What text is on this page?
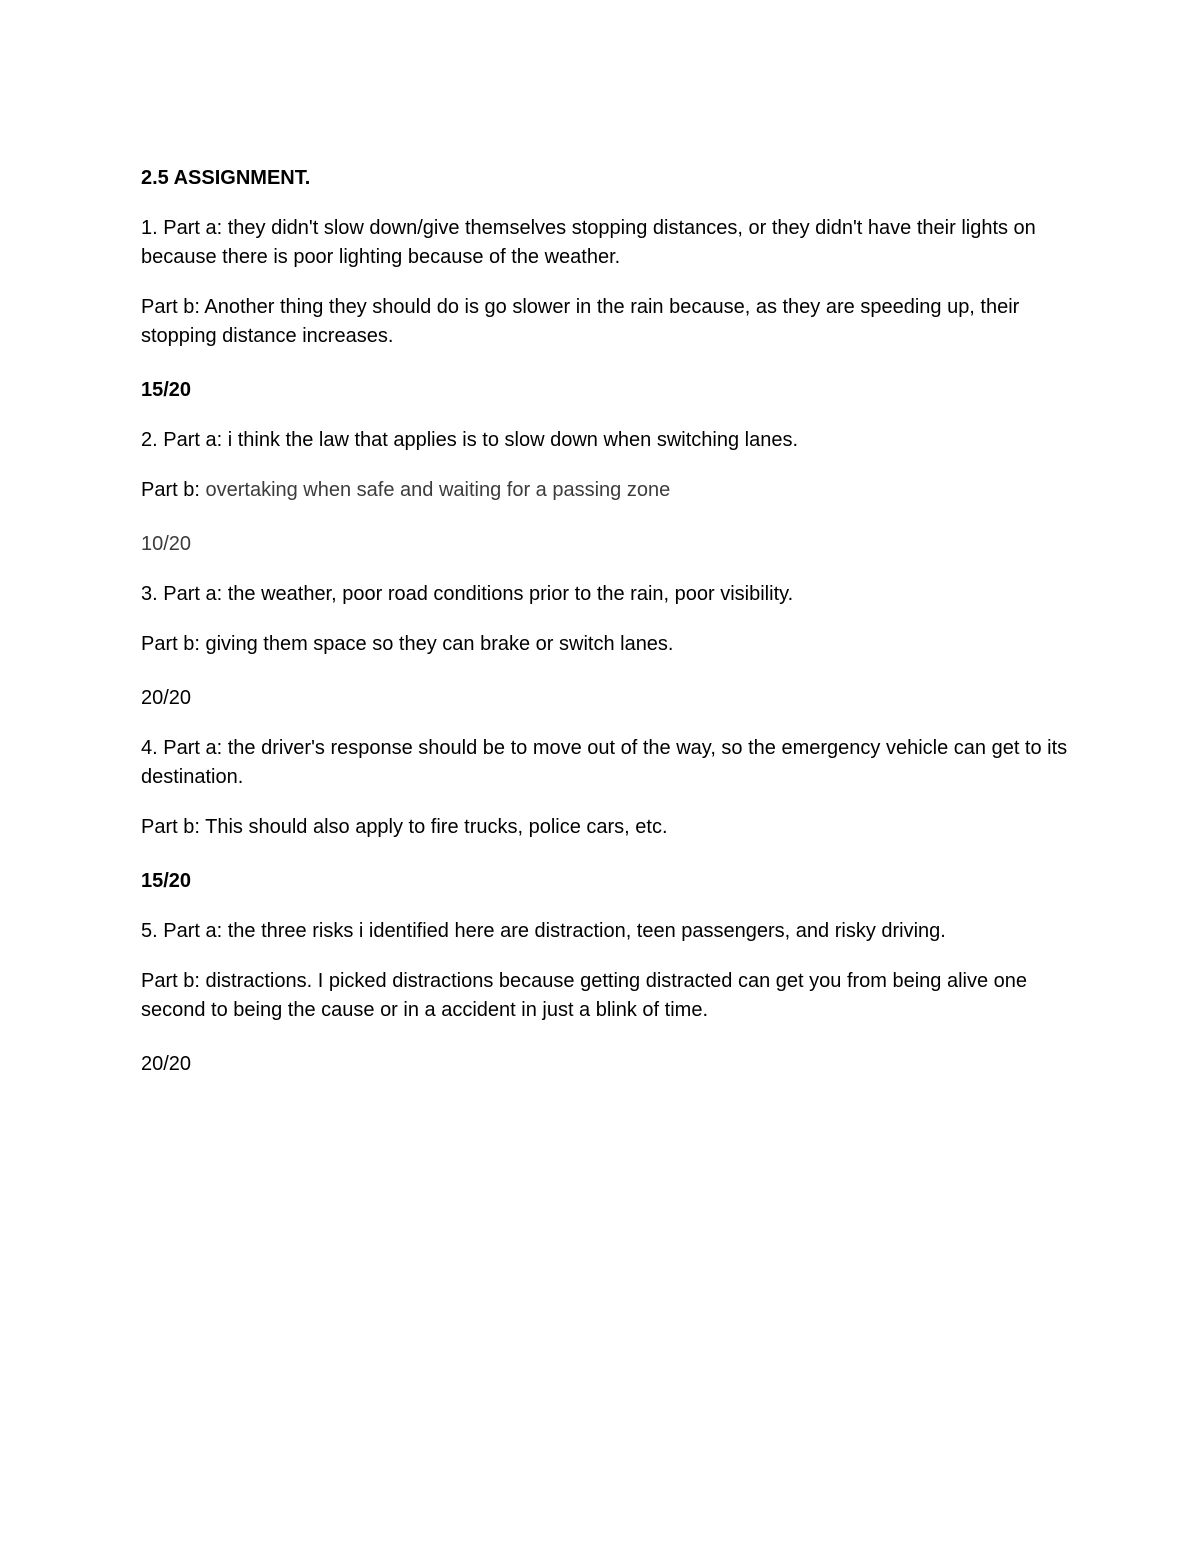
2.5 ASSIGNMENT.
1. Part a: they didn't slow down/give themselves stopping distances, or they didn't have their lights on because there is poor lighting because of the weather.
Part b: Another thing they should do is go slower in the rain because, as they are speeding up, their stopping distance increases.
15/20
2. Part a: i think the law that applies is to slow down when switching lanes.
Part b: overtaking when safe and waiting for a passing zone
10/20
3. Part a: the weather, poor road conditions prior to the rain, poor visibility.
Part b: giving them space so they can brake or switch lanes.
20/20
4. Part a: the driver's response should be to move out of the way, so the emergency vehicle can get to its destination.
Part b: This should also apply to fire trucks, police cars, etc.
15/20
5. Part a: the three risks i identified here are distraction, teen passengers, and risky driving.
Part b: distractions. I picked distractions because getting distracted can get you from being alive one second to being the cause or in a accident in just a blink of time.
20/20
